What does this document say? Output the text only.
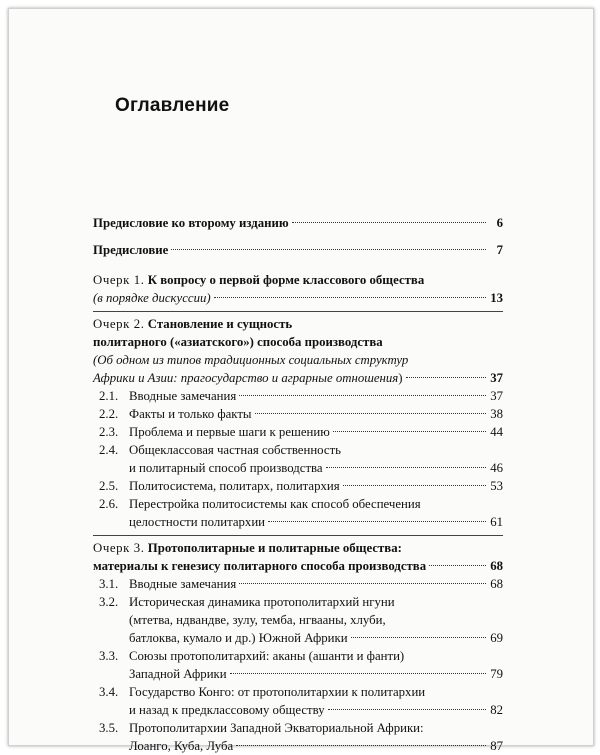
Оглавление
Предисловие ко второму изданию	6
Предисловие	7
Очерк 1. К вопросу о первой форме классового общества
(в порядке дискуссии)	13
Очерк 2. Становление и сущность
политарного («азиатского») способа производства
(Об одном из типов традиционных социальных структур
Африки и Азии: прагосударство и аграрные отношения)	37
2.1. Вводные замечания	37
2.2. Факты и только факты	38
2.3. Проблема и первые шаги к решению	44
2.4. Общеклассовая частная собственность
и политарный способ производства	46
2.5. Политосистема, политарх, политархия	53
2.6. Перестройка политосистемы как способ обеспечения
целостности политархии	61
Очерк 3. Протополитарные и политарные общества:
материалы к генезису политарного способа производства	68
3.1. Вводные замечания	68
3.2. Историческая динамика протополитархий нгуни
(мтетва, ндвандве, зулу, темба, нгвааны, хлуби,
батлоква, кумало и др.) Южной Африки	69
3.3. Союзы протополитархий: аканы (ашанти и фанти)
Западной Африки	79
3.4. Государство Конго: от протополитархии к политархии
и назад к предклассовому обществу	82
3.5. Протополитархии Западной Экваториальной Африки:
Лоанго, Куба, Луба	87
